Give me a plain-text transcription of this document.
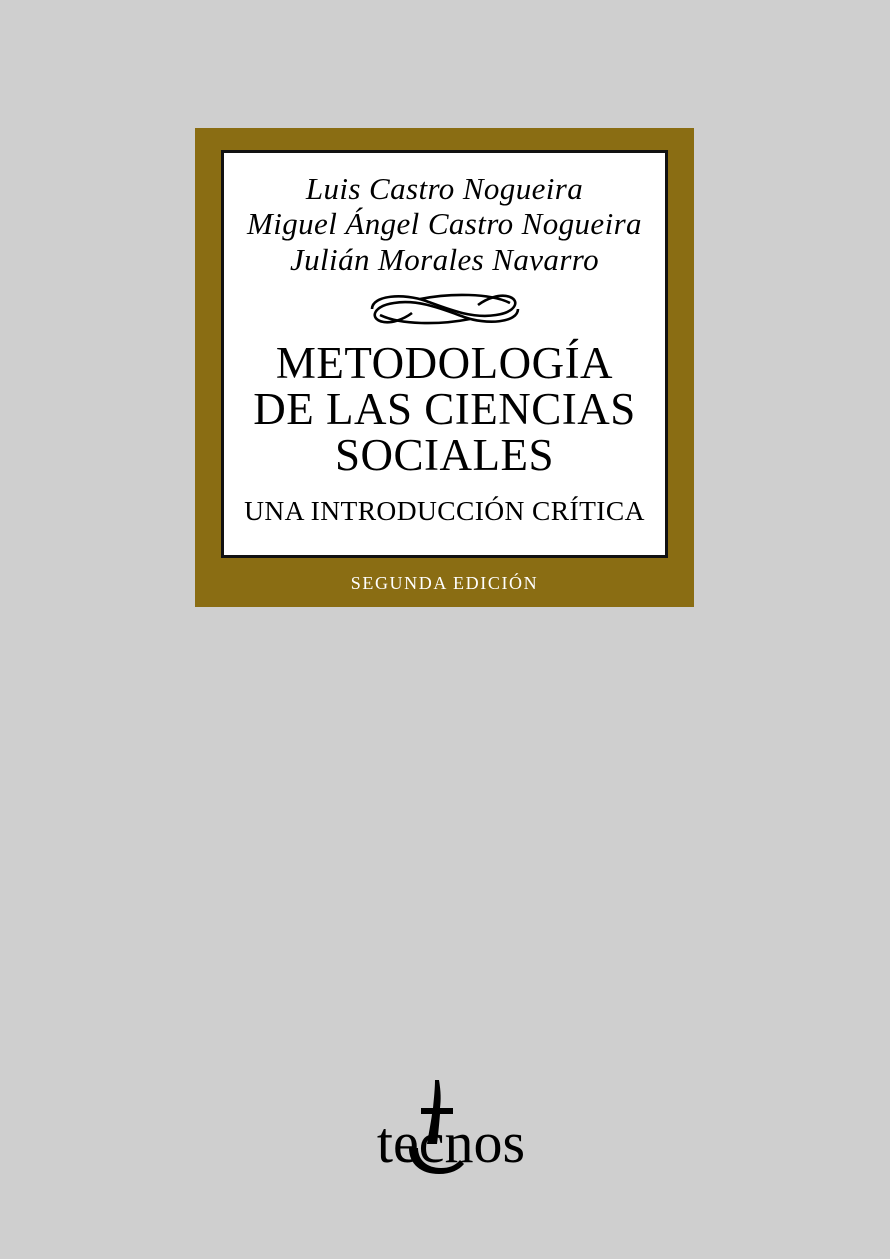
Luis Castro Nogueira
Miguel Ángel Castro Nogueira
Julián Morales Navarro
METODOLOGÍA
DE LAS CIENCIAS
SOCIALES
UNA INTRODUCCIÓN CRÍTICA
SEGUNDA EDICIÓN
tecnos
